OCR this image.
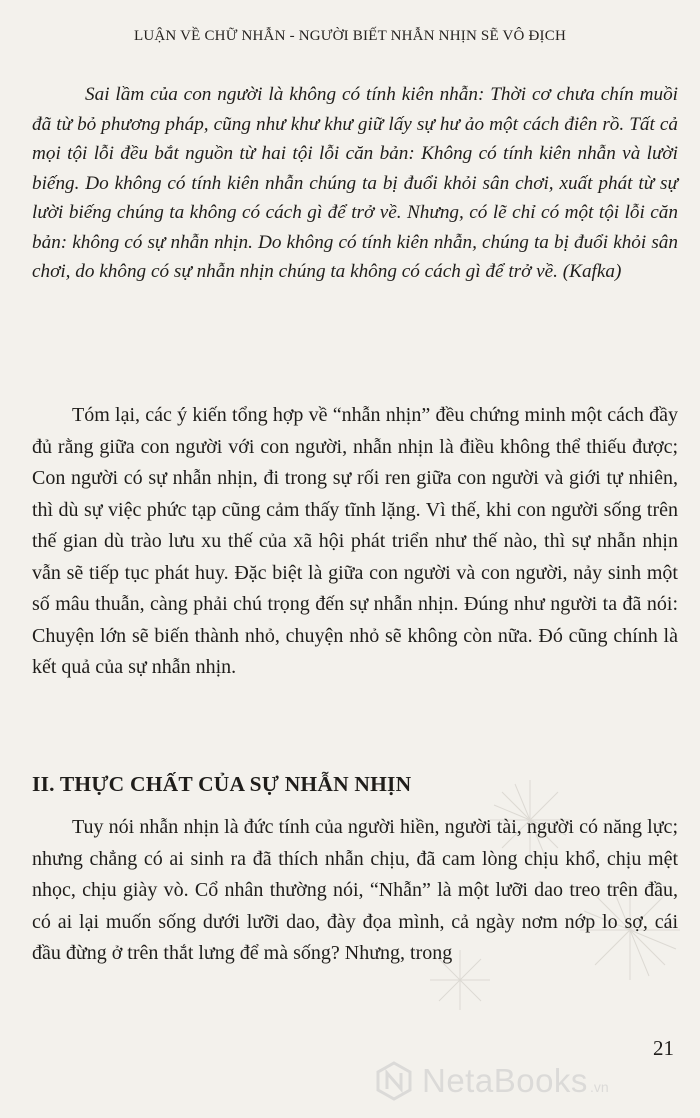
LUẬN VỀ CHỮ NHẪN - NGƯỜI BIẾT NHẪN NHỊN SẼ VÔ ĐỊCH

Sai lầm của con người là không có tính kiên nhẫn: Thời cơ chưa chín muồi đã từ bỏ phương pháp, cũng như khư khư giữ lấy sự hư ảo một cách điên rồ. Tất cả mọi tội lỗi đều bắt nguồn từ hai tội lỗi căn bản: Không có tính kiên nhẫn và lười biếng. Do không có tính kiên nhẫn chúng ta bị đuổi khỏi sân chơi, xuất phát từ sự lười biếng chúng ta không có cách gì để trở về. Nhưng, có lẽ chỉ có một tội lỗi căn bản: không có sự nhẫn nhịn. Do không có tính kiên nhẫn, chúng ta bị đuổi khỏi sân chơi, do không có sự nhẫn nhịn chúng ta không có cách gì để trở về. (Kafka)

Tóm lại, các ý kiến tổng hợp về “nhẫn nhịn” đều chứng minh một cách đầy đủ rằng giữa con người với con người, nhẫn nhịn là điều không thể thiếu được; Con người có sự nhẫn nhịn, đi trong sự rối ren giữa con người và giới tự nhiên, thì dù sự việc phức tạp cũng cảm thấy tĩnh lặng. Vì thế, khi con người sống trên thế gian dù trào lưu xu thế của xã hội phát triển như thế nào, thì sự nhẫn nhịn vẫn sẽ tiếp tục phát huy. Đặc biệt là giữa con người và con người, nảy sinh một số mâu thuẫn, càng phải chú trọng đến sự nhẫn nhịn. Đúng như người ta đã nói: Chuyện lớn sẽ biến thành nhỏ, chuyện nhỏ sẽ không còn nữa. Đó cũng chính là kết quả của sự nhẫn nhịn.

II. THỰC CHẤT CỦA SỰ NHẪN NHỊN

Tuy nói nhẫn nhịn là đức tính của người hiền, người tài, người có năng lực; nhưng chẳng có ai sinh ra đã thích nhẫn chịu, đã cam lòng chịu khổ, chịu mệt nhọc, chịu giày vò. Cổ nhân thường nói, “Nhẫn” là một lưỡi dao treo trên đầu, có ai lại muốn sống dưới lưỡi dao, đày đọa mình, cả ngày nơm nớp lo sợ, cái đầu đừng ở trên thắt lưng để mà sống? Nhưng, trong

21
NetaBooks .vn
